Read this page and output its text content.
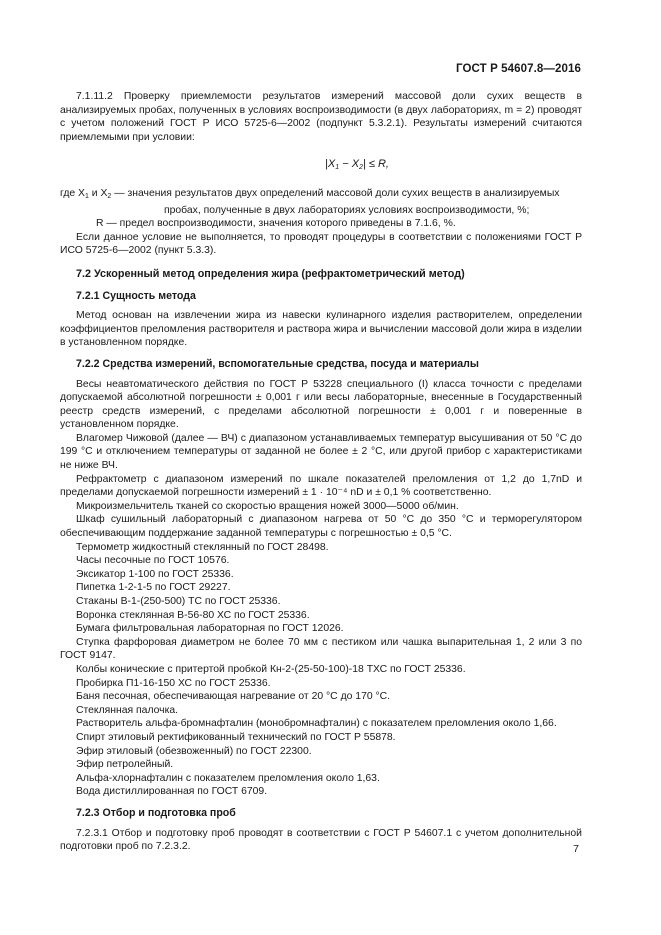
ГОСТ Р 54607.8—2016

7.1.11.2 Проверку приемлемости результатов измерений массовой доли сухих веществ в анализируемых пробах, полученных в условиях воспроизводимости (в двух лабораториях, m = 2) проводят с учетом положений ГОСТ Р ИСО 5725-6—2002 (подпункт 5.3.2.1). Результаты измерений считаются приемлемыми при условии:

$|X_1 - X_2| \le R$,
где $X_1$ и $X_2$ — значения результатов двух определений массовой доли сухих веществ в анализируемых
пробах, полученные в двух лабораториях условиях воспроизводимости, %;
R — предел воспроизводимости, значения которого приведены в 7.1.6, %.

Если данное условие не выполняется, то проводят процедуры в соответствии с положениями ГОСТ Р ИСО 5725-6—2002 (пункт 5.3.3).

7.2 Ускоренный метод определения жира (рефрактометрический метод)
7.2.1 Сущность метода

Метод основан на извлечении жира из навески кулинарного изделия растворителем, определении коэффициентов преломления растворителя и раствора жира и вычислении массовой доли жира в изделии в установленном порядке.

7.2.2 Средства измерений, вспомогательные средства, посуда и материалы

Весы неавтоматического действия по ГОСТ Р 53228 специального (I) класса точности с пределами допускаемой абсолютной погрешности ± 0,001 г или весы лабораторные, внесенные в Государственный реестр средств измерений, с пределами абсолютной погрешности ± 0,001 г и поверенные в установленном порядке.

Влагомер Чижовой (далее — ВЧ) с диапазоном устанавливаемых температур высушивания от 50 °С до 199 °С и отключением температуры от заданной не более ± 2 °С, или другой прибор с характеристиками не ниже ВЧ.

Рефрактометр с диапазоном измерений по шкале показателей преломления от 1,2 до 1,7nD и пределами допускаемой погрешности измерений ± 1 · 10⁻⁴ nD и ± 0,1 % соответственно.

Микроизмельчитель тканей со скоростью вращения ножей 3000—5000 об/мин.

Шкаф сушильный лабораторный с диапазоном нагрева от 50 °С до 350 °С и терморегулятором обеспечивающим поддержание заданной температуры с погрешностью ± 0,5 °С.

Термометр жидкостный стеклянный по ГОСТ 28498.

Часы песочные по ГОСТ 10576.

Эксикатор 1-100 по ГОСТ 25336.

Пипетка 1-2-1-5 по ГОСТ 29227.

Стаканы В-1-(250-500) ТС по ГОСТ 25336.

Воронка стеклянная В-56-80 ХС по ГОСТ 25336.

Бумага фильтровальная лабораторная по ГОСТ 12026.

Ступка фарфоровая диаметром не более 70 мм с пестиком или чашка выпарительная 1, 2 или 3 по ГОСТ 9147.

Колбы конические с притертой пробкой Кн-2-(25-50-100)-18 ТХС по ГОСТ 25336.

Пробирка П1-16-150 ХС по ГОСТ 25336.

Баня песочная, обеспечивающая нагревание от 20 °С до 170 °С.

Стеклянная палочка.

Растворитель альфа-бромнафталин (монобромнафталин) с показателем преломления около 1,66.

Спирт этиловый ректификованный технический по ГОСТ Р 55878.

Эфир этиловый (обезвоженный) по ГОСТ 22300.

Эфир петролейный.

Альфа-хлорнафталин с показателем преломления около 1,63.

Вода дистиллированная по ГОСТ 6709.

7.2.3 Отбор и подготовка проб

7.2.3.1 Отбор и подготовку проб проводят в соответствии с ГОСТ Р 54607.1 с учетом дополнительной подготовки проб по 7.2.3.2.	7
